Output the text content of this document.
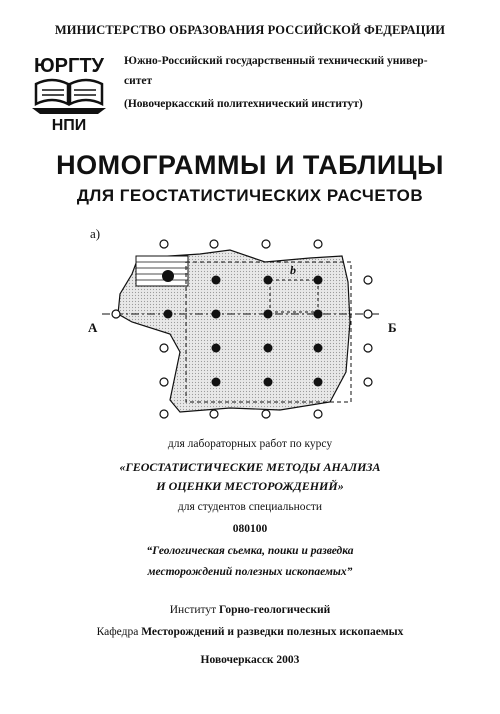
МИНИСТЕРСТВО ОБРАЗОВАНИЯ РОССИЙСКОЙ ФЕДЕРАЦИИ
ЮРГТУ
НПИ
Южно-Российский государственный технический универ-
ситет
(Новочеркасский политехнический институт)
НОМОГРАММЫ И ТАБЛИЦЫ
ДЛЯ ГЕОСТАТИСТИЧЕСКИХ РАСЧЕТОВ
а)
А	Б
b
для лабораторных работ по курсу
«ГЕОСТАТИСТИЧЕСКИЕ МЕТОДЫ АНАЛИЗА
И ОЦЕНКИ МЕСТОРОЖДЕНИЙ»
для студентов специальности
080100
“Геологическая сьемка, поики и разведка
месторождений полезных ископаемых”
Институт Горно-геологический
Кафедра Месторождений и разведки полезных ископаемых
Новочеркасск 2003
